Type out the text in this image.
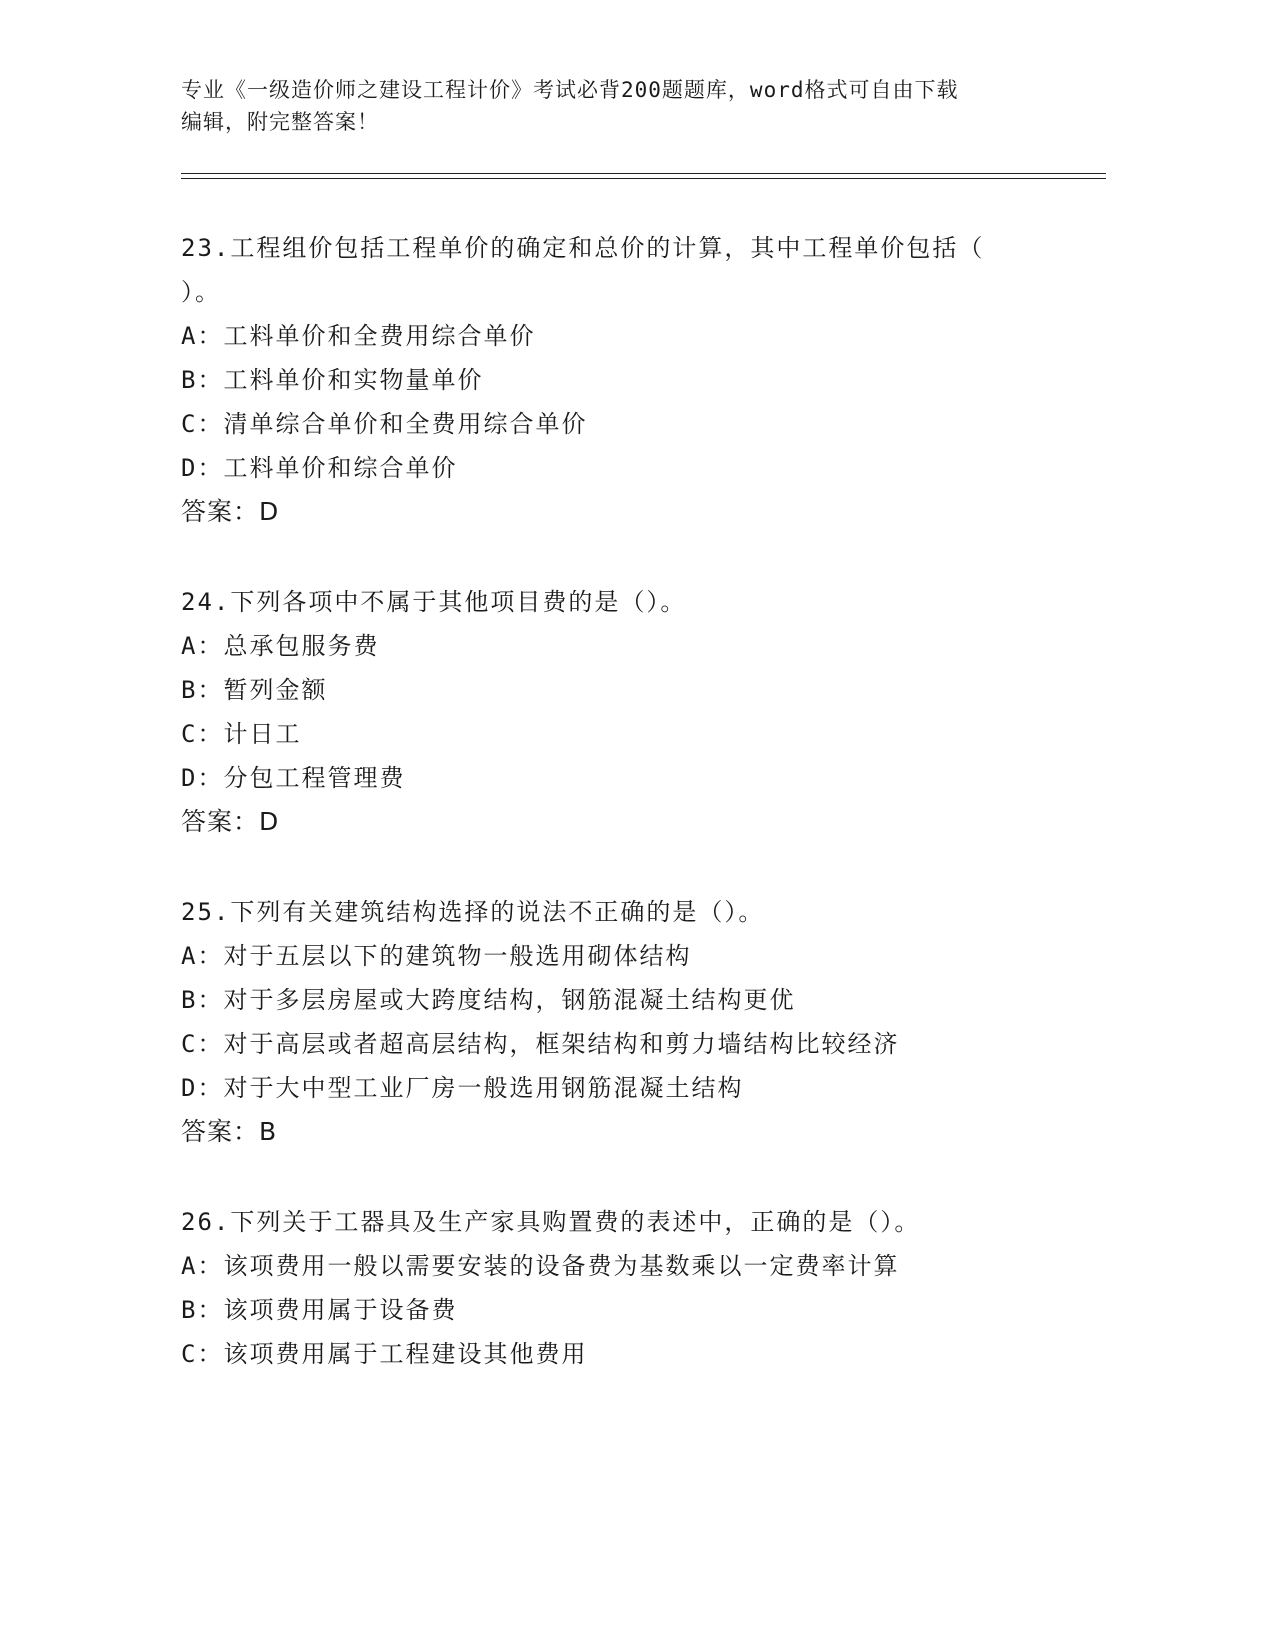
专业《一级造价师之建设工程计价》考试必背200题题库，word格式可自由下载
编辑，附完整答案！
23.工程组价包括工程单价的确定和总价的计算，其中工程单价包括（
）。
A：工料单价和全费用综合单价
B：工料单价和实物量单价
C：清单综合单价和全费用综合单价
D：工料单价和综合单价
答案：D
24.下列各项中不属于其他项目费的是（）。
A：总承包服务费
B：暂列金额
C：计日工
D：分包工程管理费
答案：D
25.下列有关建筑结构选择的说法不正确的是（）。
A：对于五层以下的建筑物一般选用砌体结构
B：对于多层房屋或大跨度结构，钢筋混凝土结构更优
C：对于高层或者超高层结构，框架结构和剪力墙结构比较经济
D：对于大中型工业厂房一般选用钢筋混凝土结构
答案：B
26.下列关于工器具及生产家具购置费的表述中，正确的是（）。
A：该项费用一般以需要安装的设备费为基数乘以一定费率计算
B：该项费用属于设备费
C：该项费用属于工程建设其他费用
